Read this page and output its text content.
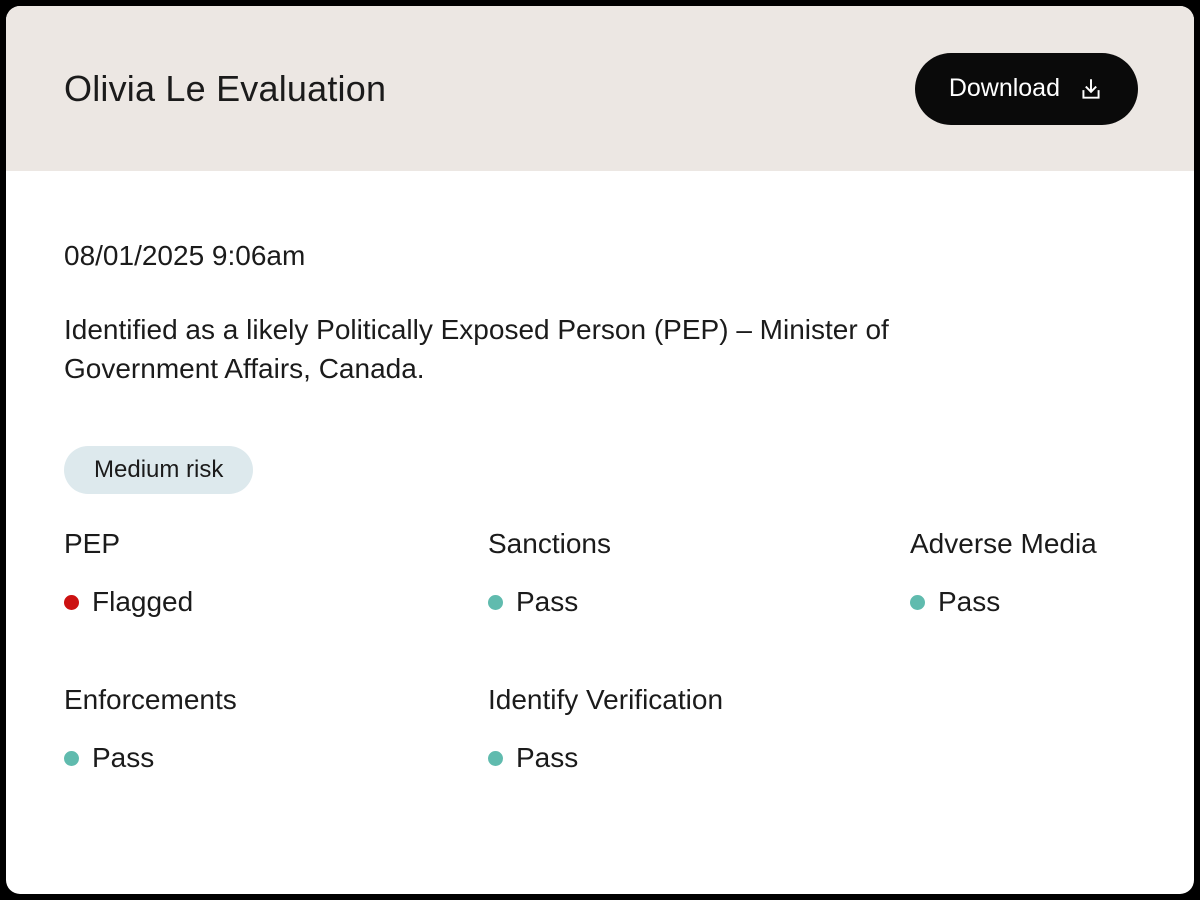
Olivia Le Evaluation	Download

08/01/2025 9:06am

Identified as a likely Politically Exposed Person (PEP) – Minister of Government Affairs, Canada.

Medium risk
PEP
Flagged
Sanctions
Pass
Adverse Media
Pass
Enforcements
Pass
Identify Verification
Pass
